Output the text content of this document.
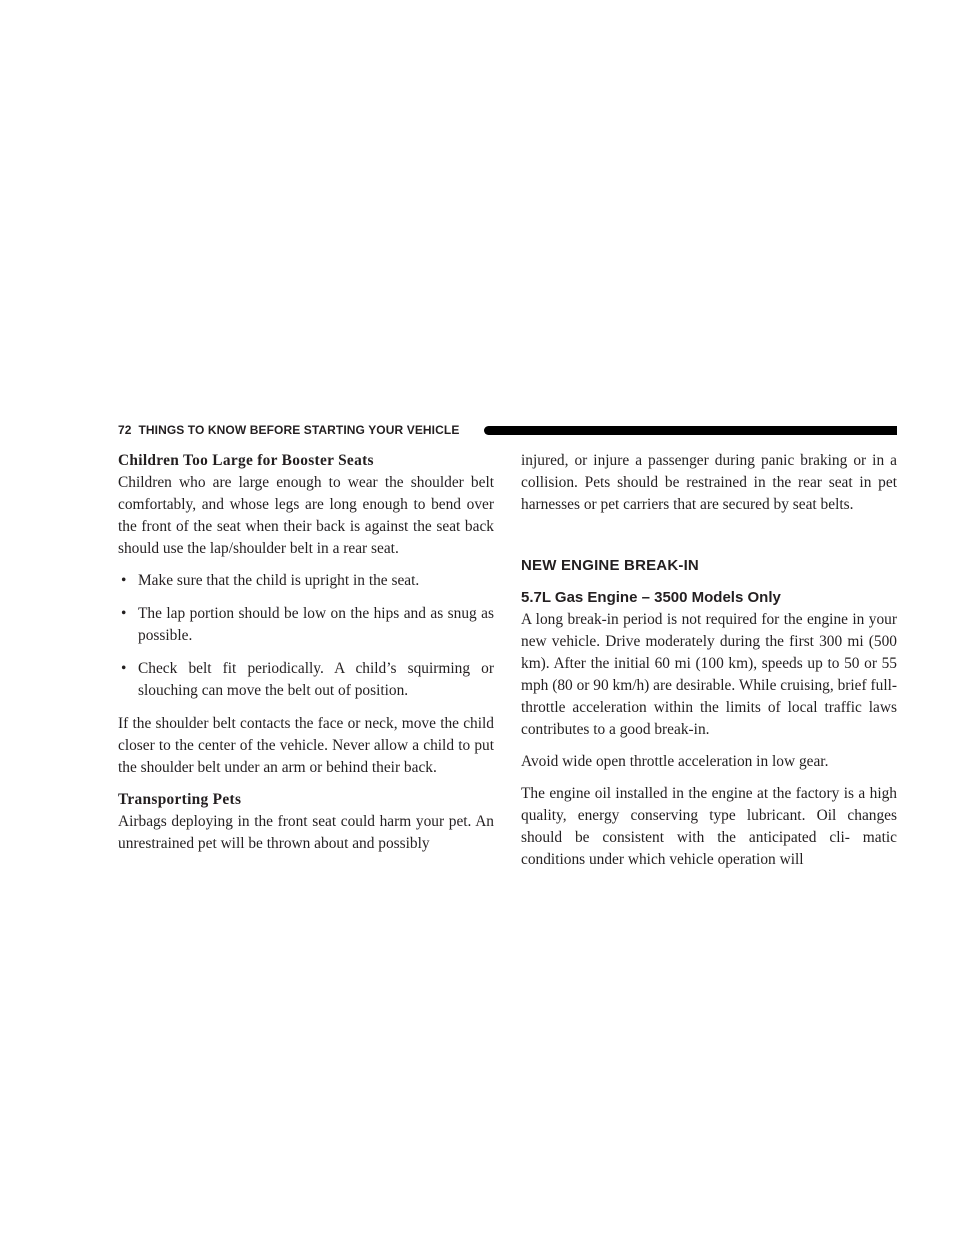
72 THINGS TO KNOW BEFORE STARTING YOUR VEHICLE
Children Too Large for Booster Seats

Children who are large enough to wear the shoulder belt comfortably, and whose legs are long enough to bend over the front of the seat when their back is against the seat back should use the lap/shoulder belt in a rear seat.

• Make sure that the child is upright in the seat.
• The lap portion should be low on the hips and as snug as possible.
• Check belt fit periodically. A child’s squirming or slouching can move the belt out of position.

If the shoulder belt contacts the face or neck, move the child closer to the center of the vehicle. Never allow a child to put the shoulder belt under an arm or behind their back.

Transporting Pets

Airbags deploying in the front seat could harm your pet. An unrestrained pet will be thrown about and possibly

injured, or injure a passenger during panic braking or in a collision. Pets should be restrained in the rear seat in pet harnesses or pet carriers that are secured by seat belts.

NEW ENGINE BREAK-IN
5.7L Gas Engine – 3500 Models Only

A long break-in period is not required for the engine in your new vehicle. Drive moderately during the first 300 mi (500 km). After the initial 60 mi (100 km), speeds up to 50 or 55 mph (80 or 90 km/h) are desirable. While cruising, brief full-throttle acceleration within the limits of local traffic laws contributes to a good break-in.

Avoid wide open throttle acceleration in low gear.

The engine oil installed in the engine at the factory is a high quality, energy conserving type lubricant. Oil changes should be consistent with the anticipated cli- matic conditions under which vehicle operation will
